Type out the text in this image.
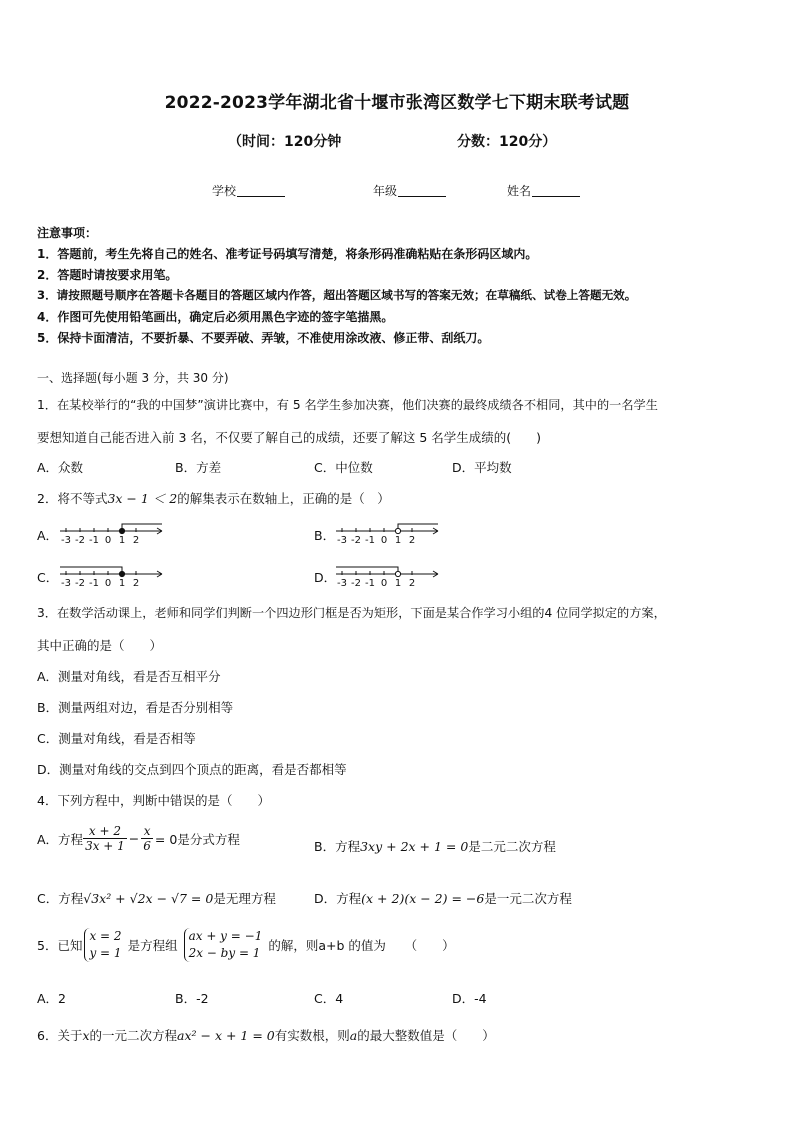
2022-2023学年湖北省十堰市张湾区数学七下期末联考试题
（时间：120分钟	分数：120分）
学校	年级	姓名
注意事项：
1．答题前，考生先将自己的姓名、准考证号码填写清楚，将条形码准确粘贴在条形码区域内。
2．答题时请按要求用笔。
3．请按照题号顺序在答题卡各题目的答题区域内作答，超出答题区域书写的答案无效；在草稿纸、试卷上答题无效。
4．作图可先使用铅笔画出，确定后必须用黑色字迹的签字笔描黑。
5．保持卡面清洁，不要折暴、不要弄破、弄皱，不准使用涂改液、修正带、刮纸刀。
一、选择题(每小题 3 分，共 30 分)
1．在某校举行的“我的中国梦”演讲比赛中，有 5 名学生参加决赛，他们决赛的最终成绩各不相同，其中的一名学生
要想知道自己能否进入前 3 名，不仅要了解自己的成绩，还要了解这 5 名学生成绩的(　　)
A．众数	B．方差	C．中位数	D．平均数
2．将不等式3x − 1 ＜ 2的解集表示在数轴上，正确的是（　）
A．	B．
C．	D．
-3 -2 -1 0 1 2	-3 -2 -1 0 1 2
-3 -2 -1 0 1 2	-3 -2 -1 0 1 2
3．在数学活动课上，老师和同学们判断一个四边形门框是否为矩形，下面是某合作学习小组的4 位同学拟定的方案，
其中正确的是（　　）
A．测量对角线，看是否互相平分
B．测量两组对边，看是否分别相等
C．测量对角线，看是否相等
D．测量对角线的交点到四个顶点的距离，看是否都相等
4．下列方程中，判断中错误的是（　　）
A．方程 $\frac{x + 2}{3x + 1} - \frac{x}{6} = 0$是分式方程	B．方程3xy + 2x + 1 = 0是二元二次方程
C．方程√3x² + √2x − √7 = 0是无理方程	D．方程(x + 2)(x − 2) = −6是一元二次方程
5．已知
x = 2
y = 1 是方程组
ax + y = −1
2x − by = 1 的解，则a+b 的值为　　（　　）
A．2	B．-2	C．4	D．-4
6．关于x的一元二次方程ax² − x + 1 = 0有实数根，则a的最大整数值是（　　）
